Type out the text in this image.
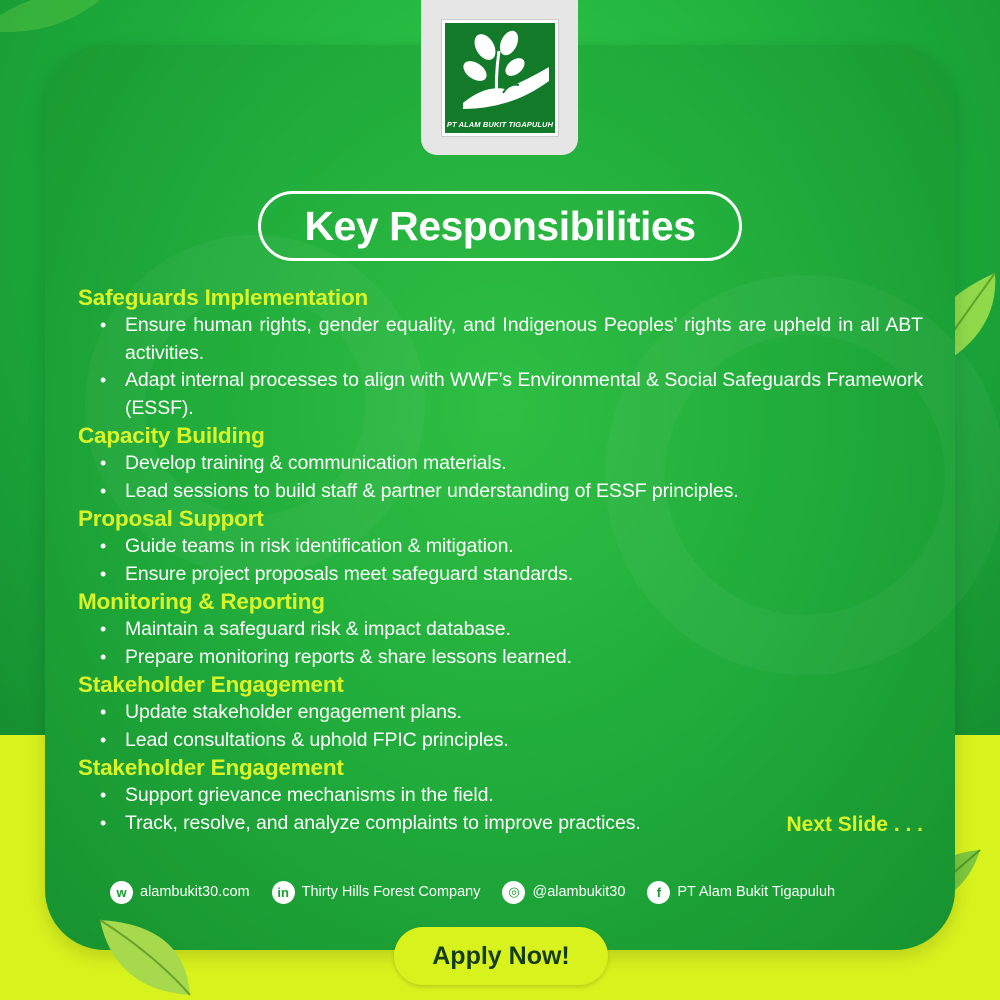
PT ALAM BUKIT TIGAPULUH
Key Responsibilities
Safeguards Implementation
• Ensure human rights, gender equality, and Indigenous Peoples' rights are upheld in all ABT activities.
• Adapt internal processes to align with WWF’s Environmental & Social Safeguards Framework (ESSF).
Capacity Building
• Develop training & communication materials.
• Lead sessions to build staff & partner understanding of ESSF principles.
Proposal Support
• Guide teams in risk identification & mitigation.
• Ensure project proposals meet safeguard standards.
Monitoring & Reporting
• Maintain a safeguard risk & impact database.
• Prepare monitoring reports & share lessons learned.
Stakeholder Engagement
• Update stakeholder engagement plans.
• Lead consultations & uphold FPIC principles.
Stakeholder Engagement
• Support grievance mechanisms in the field.
• Track, resolve, and analyze complaints to improve practices.	Next Slide . . .
w alambukit30.com	in Thirty Hills Forest Company	◎ @alambukit30	f	PT Alam Bukit Tigapuluh
Apply Now!
